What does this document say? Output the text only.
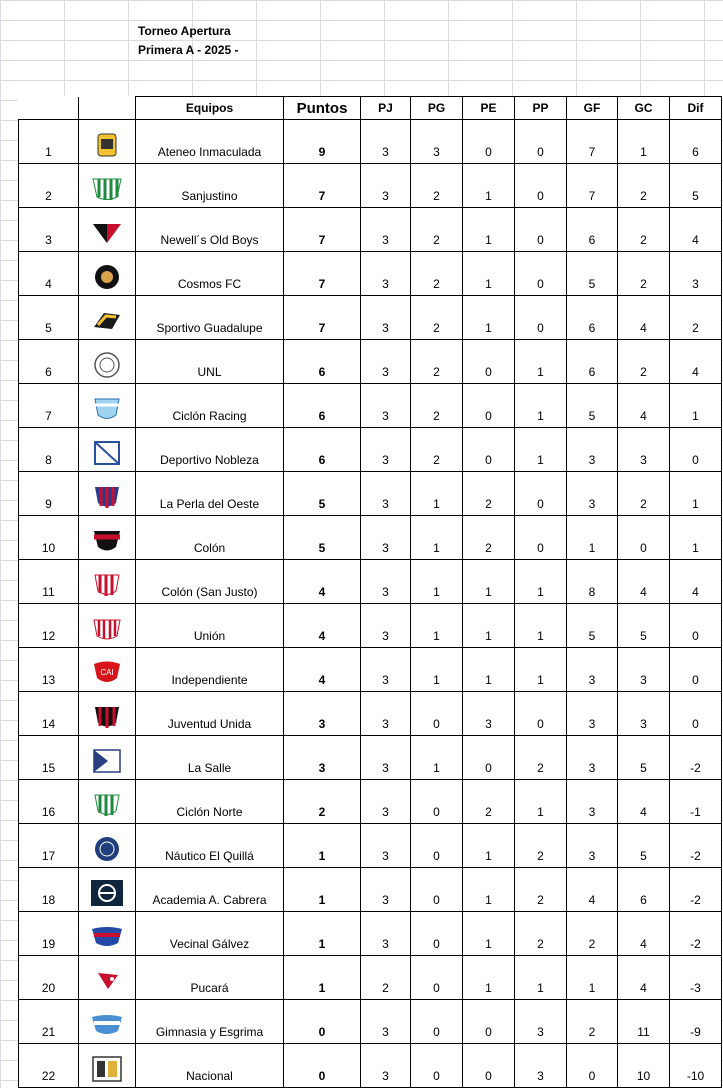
Torneo Apertura
Primera A - 2025 -
		Equipos	Puntos	PJ	PG	PE	PP	GF	GC	Dif
1		Ateneo Inmaculada	9	3	3	0	0	7	1	6
2		Sanjustino	7	3	2	1	0	7	2	5
3		Newell´s Old Boys	7	3	2	1	0	6	2	4
4		Cosmos FC	7	3	2	1	0	5	2	3
5		Sportivo Guadalupe	7	3	2	1	0	6	4	2
6		UNL	6	3	2	0	1	6	2	4
7		Ciclón Racing	6	3	2	0	1	5	4	1
8		Deportivo Nobleza	6	3	2	0	1	3	3	0
9		La Perla del Oeste	5	3	1	2	0	3	2	1
10		Colón	5	3	1	2	0	1	0	1
11		Colón (San Justo)	4	3	1	1	1	8	4	4
12		Unión	4	3	1	1	1	5	5	0
13	CAI	Independiente	4	3	1	1	1	3	3	0
14		Juventud Unida	3	3	0	3	0	3	3	0
15		La Salle	3	3	1	0	2	3	5	-2
16		Ciclón Norte	2	3	0	2	1	3	4	-1
17		Náutico El Quillá	1	3	0	1	2	3	5	-2
18		Academia A. Cabrera	1	3	0	1	2	4	6	-2
19		Vecinal Gálvez	1	3	0	1	2	2	4	-2
20		Pucará	1	2	0	1	1	1	4	-3
21		Gimnasia y Esgrima	0	3	0	0	3	2	11	-9
22		Nacional	0	3	0	0	3	0	10	-10
